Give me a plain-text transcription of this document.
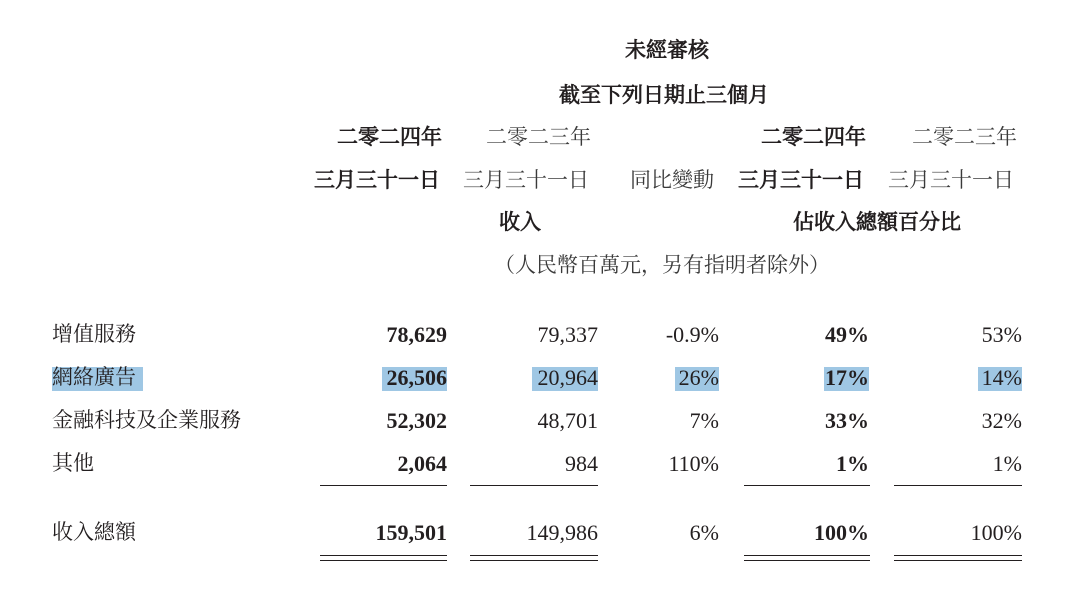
未經審核
截至下列日期止三個月
二零二四年 二零二三年	二零二四年 二零二三年
三月三十一日 三月三十一日 同比變動 三月三十一日 三月三十一日
收入	佔收入總額百分比
（人民幣百萬元，另有指明者除外）
增值服務	78,629	79,337	-0.9%	49%	53%
網絡廣告	26,506	20,964	26%	17%	14%
金融科技及企業服務	52,302	48,701	7%	33%	32%
其他	2,064	984	110%	1%	1%
收入總額	159,501	149,986	6%	100%	100%
